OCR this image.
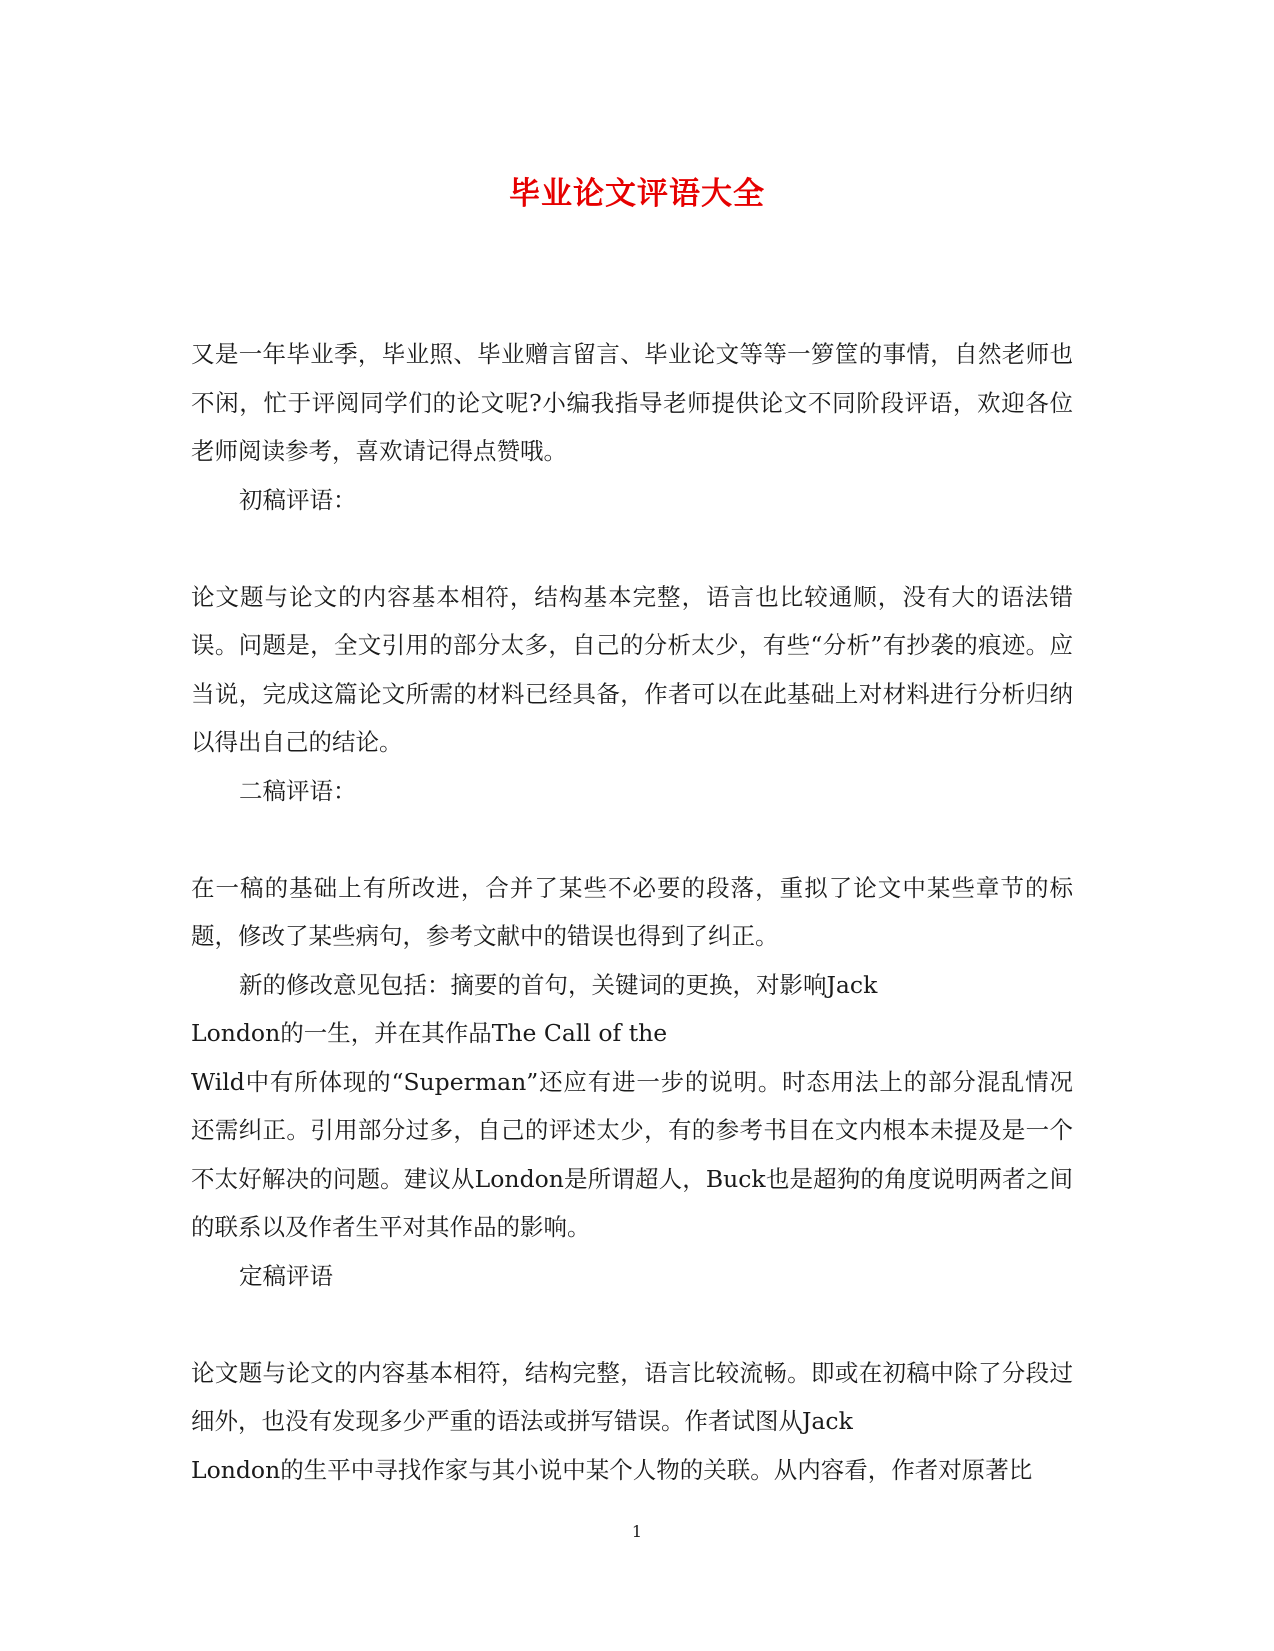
毕业论文评语大全

又是一年毕业季，毕业照、毕业赠言留言、毕业论文等等一箩筐的事情，自然老师也不闲，忙于评阅同学们的论文呢?小编我指导老师提供论文不同阶段评语，欢迎各位老师阅读参考，喜欢请记得点赞哦。

初稿评语：

论文题与论文的内容基本相符，结构基本完整，语言也比较通顺，没有大的语法错误。问题是，全文引用的部分太多，自己的分析太少，有些“分析”有抄袭的痕迹。应当说，完成这篇论文所需的材料已经具备，作者可以在此基础上对材料进行分析归纳以得出自己的结论。

二稿评语：

在一稿的基础上有所改进，合并了某些不必要的段落，重拟了论文中某些章节的标题，修改了某些病句，参考文献中的错误也得到了纠正。

新的修改意见包括：摘要的首句，关键词的更换，对影响Jack

London的一生，并在其作品The Call of the

Wild中有所体现的“Superman”还应有进一步的说明。时态用法上的部分混乱情况还需纠正。引用部分过多，自己的评述太少，有的参考书目在文内根本未提及是一个不太好解决的问题。建议从London是所谓超人，Buck也是超狗的角度说明两者之间的联系以及作者生平对其作品的影响。

定稿评语

论文题与论文的内容基本相符，结构完整，语言比较流畅。即或在初稿中除了分段过细外，也没有发现多少严重的语法或拼写错误。作者试图从Jack

London的生平中寻找作家与其小说中某个人物的关联。从内容看，作者对原著比

1
